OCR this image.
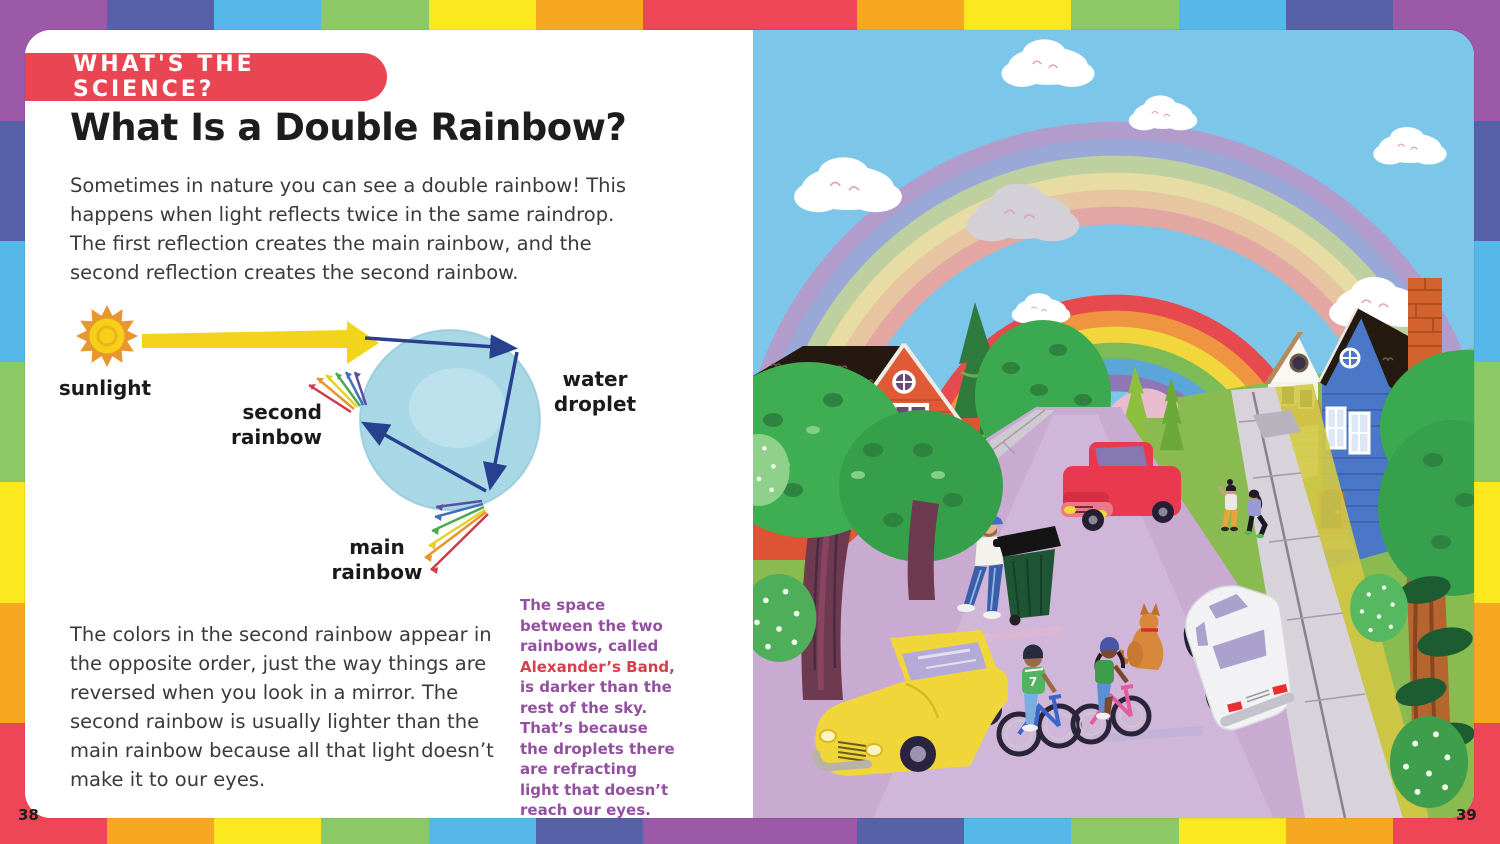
38	39
WHAT'S THE SCIENCE?
What Is a Double Rainbow?
Sometimes in nature you can see a double rainbow! This happens when light reflects twice in the same raindrop. The first reflection creates the main rainbow, and the second reflection creates the second rainbow.
sunlight
second
rainbow
water
droplet
main
rainbow
The colors in the second rainbow appear in the opposite order, just the way things are reversed when you look in a mirror. The second rainbow is usually lighter than the main rainbow because all that light doesn’t make it to our eyes.
The space between the two rainbows, called Alexander’s Band, is darker than the rest of the sky. That’s because the droplets there are refracting light that doesn’t reach our eyes.
7
